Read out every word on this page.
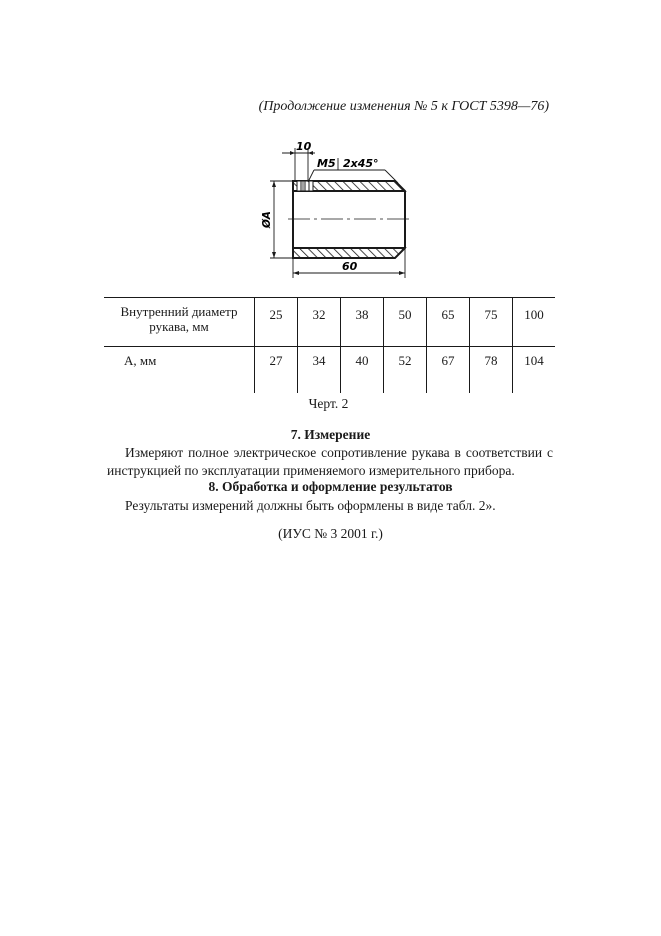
(Продолжение изменения № 5 к ГОСТ 5398—76)
10
M5 2x45°
ØA
60
Внутренний диаметр рукава, мм	25	32	38	50	65	75	100
А, мм	27	34	40	52	67	78	104
Черт. 2
7. Измерение
Измеряют полное электрическое сопротивление рукава в соответствии с инструкцией по эксплуатации применяемого измерительного прибора.
8. Обработка и оформление результатов
Результаты измерений должны быть оформлены в виде табл. 2».
(ИУС № 3 2001 г.)
